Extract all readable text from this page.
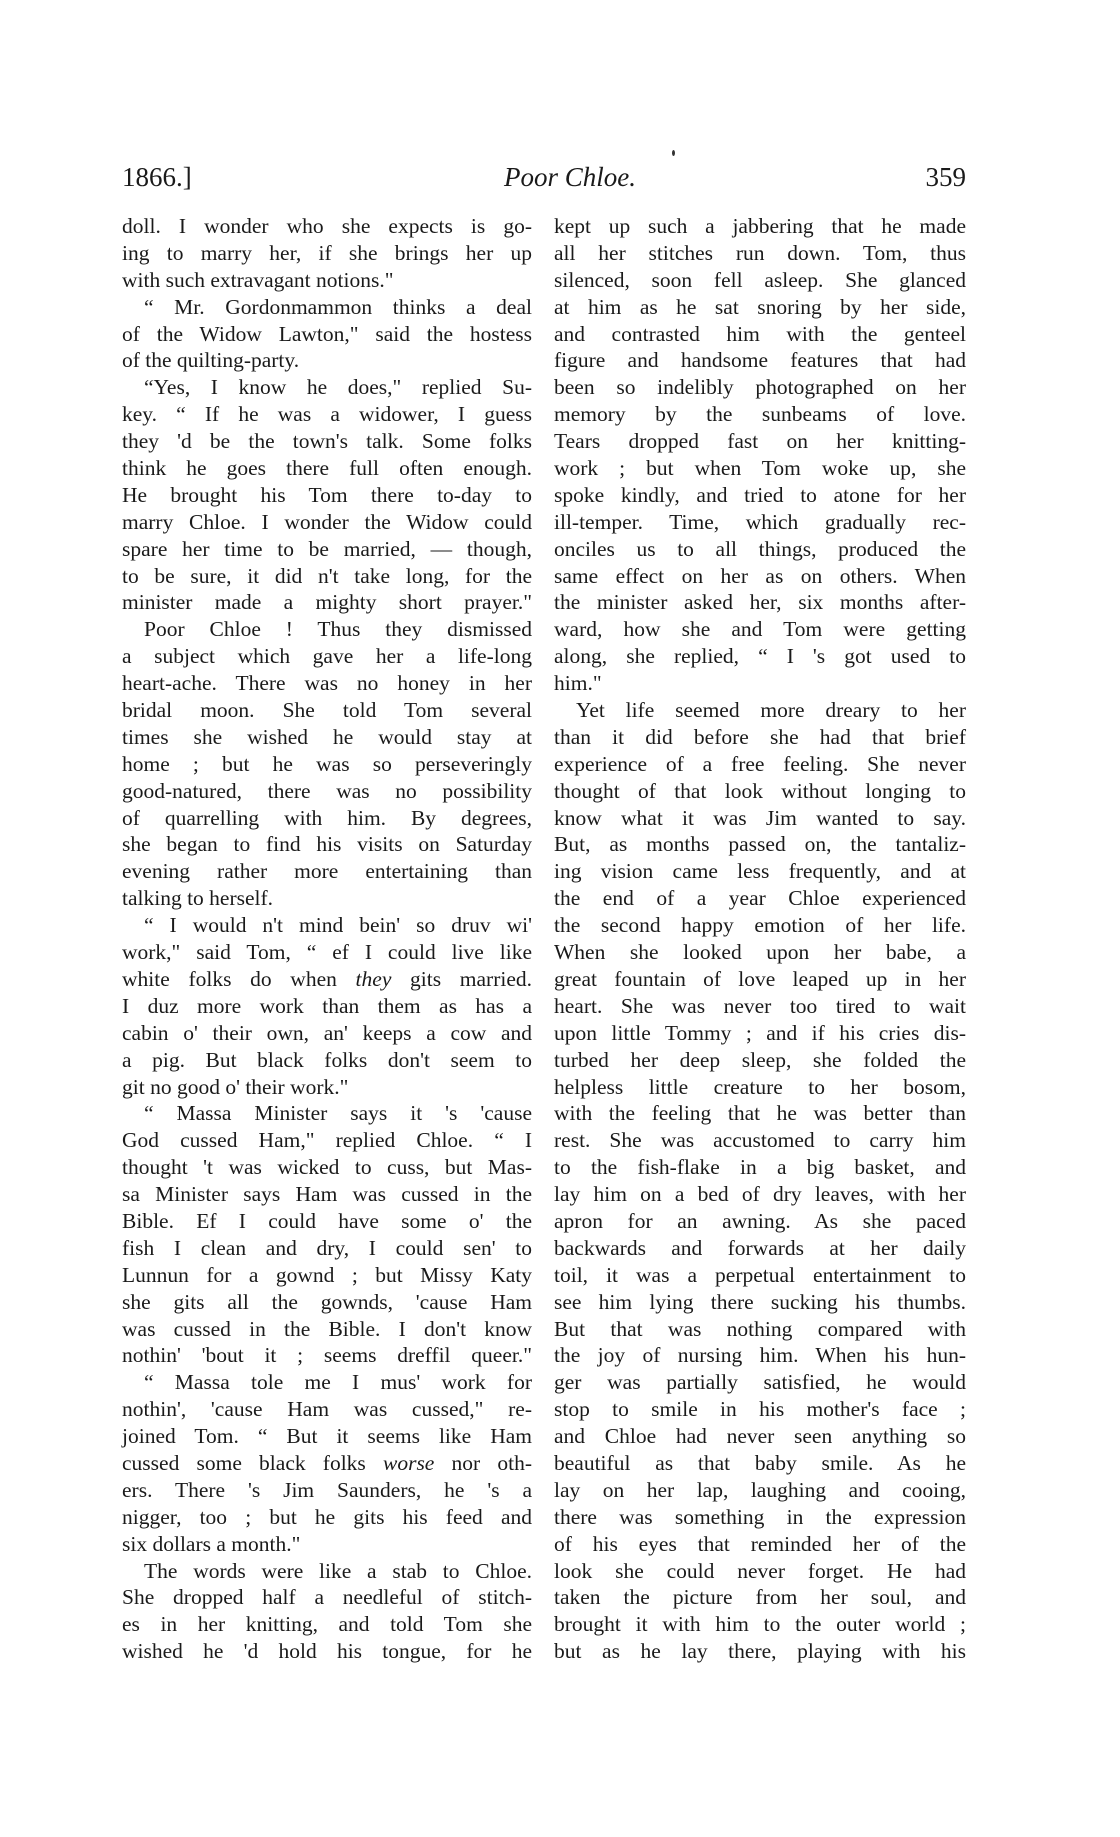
1866.]	Poor Chloe.	359
doll. I wonder who she expects is go-
ing to marry her, if she brings her up
with such extravagant notions."
“ Mr. Gordonmammon thinks a deal
of the Widow Lawton," said the hostess
of the quilting-party.
“Yes, I know he does," replied Su-
key. “ If he was a widower, I guess
they 'd be the town's talk. Some folks
think he goes there full often enough.
He brought his Tom there to-day to
marry Chloe. I wonder the Widow could
spare her time to be married, — though,
to be sure, it did n't take long, for the
minister made a mighty short prayer."
Poor Chloe ! Thus they dismissed
a subject which gave her a life-long
heart-ache. There was no honey in her
bridal moon. She told Tom several
times she wished he would stay at
home ; but he was so perseveringly
good-natured, there was no possibility
of quarrelling with him. By degrees,
she began to find his visits on Saturday
evening rather more entertaining than
talking to herself.
“ I would n't mind bein' so druv wi'
work," said Tom, “ ef I could live like
white folks do when they gits married.
I duz more work than them as has a
cabin o' their own, an' keeps a cow and
a pig. But black folks don't seem to
git no good o' their work."
“ Massa Minister says it 's 'cause
God cussed Ham," replied Chloe. “ I
thought 't was wicked to cuss, but Mas-
sa Minister says Ham was cussed in the
Bible. Ef I could have some o' the
fish I clean and dry, I could sen' to
Lunnun for a gownd ; but Missy Katy
she gits all the gownds, 'cause Ham
was cussed in the Bible. I don't know
nothin' 'bout it ; seems dreffil queer."
“ Massa tole me I mus' work for
nothin', 'cause Ham was cussed," re-
joined Tom. “ But it seems like Ham
cussed some black folks worse nor oth-
ers. There 's Jim Saunders, he 's a
nigger, too ; but he gits his feed and
six dollars a month."
The words were like a stab to Chloe.
She dropped half a needleful of stitch-
es in her knitting, and told Tom she
wished he 'd hold his tongue, for he
kept up such a jabbering that he made
all her stitches run down. Tom, thus
silenced, soon fell asleep. She glanced
at him as he sat snoring by her side,
and contrasted him with the genteel
figure and handsome features that had
been so indelibly photographed on her
memory by the sunbeams of love.
Tears dropped fast on her knitting-
work ; but when Tom woke up, she
spoke kindly, and tried to atone for her
ill-temper. Time, which gradually rec-
onciles us to all things, produced the
same effect on her as on others. When
the minister asked her, six months after-
ward, how she and Tom were getting
along, she replied, “ I 's got used to
him."
Yet life seemed more dreary to her
than it did before she had that brief
experience of a free feeling. She never
thought of that look without longing to
know what it was Jim wanted to say.
But, as months passed on, the tantaliz-
ing vision came less frequently, and at
the end of a year Chloe experienced
the second happy emotion of her life.
When she looked upon her babe, a
great fountain of love leaped up in her
heart. She was never too tired to wait
upon little Tommy ; and if his cries dis-
turbed her deep sleep, she folded the
helpless little creature to her bosom,
with the feeling that he was better than
rest. She was accustomed to carry him
to the fish-flake in a big basket, and
lay him on a bed of dry leaves, with her
apron for an awning. As she paced
backwards and forwards at her daily
toil, it was a perpetual entertainment to
see him lying there sucking his thumbs.
But that was nothing compared with
the joy of nursing him. When his hun-
ger was partially satisfied, he would
stop to smile in his mother's face ;
and Chloe had never seen anything so
beautiful as that baby smile. As he
lay on her lap, laughing and cooing,
there was something in the expression
of his eyes that reminded her of the
look she could never forget. He had
taken the picture from her soul, and
brought it with him to the outer world ;
but as he lay there, playing with his
